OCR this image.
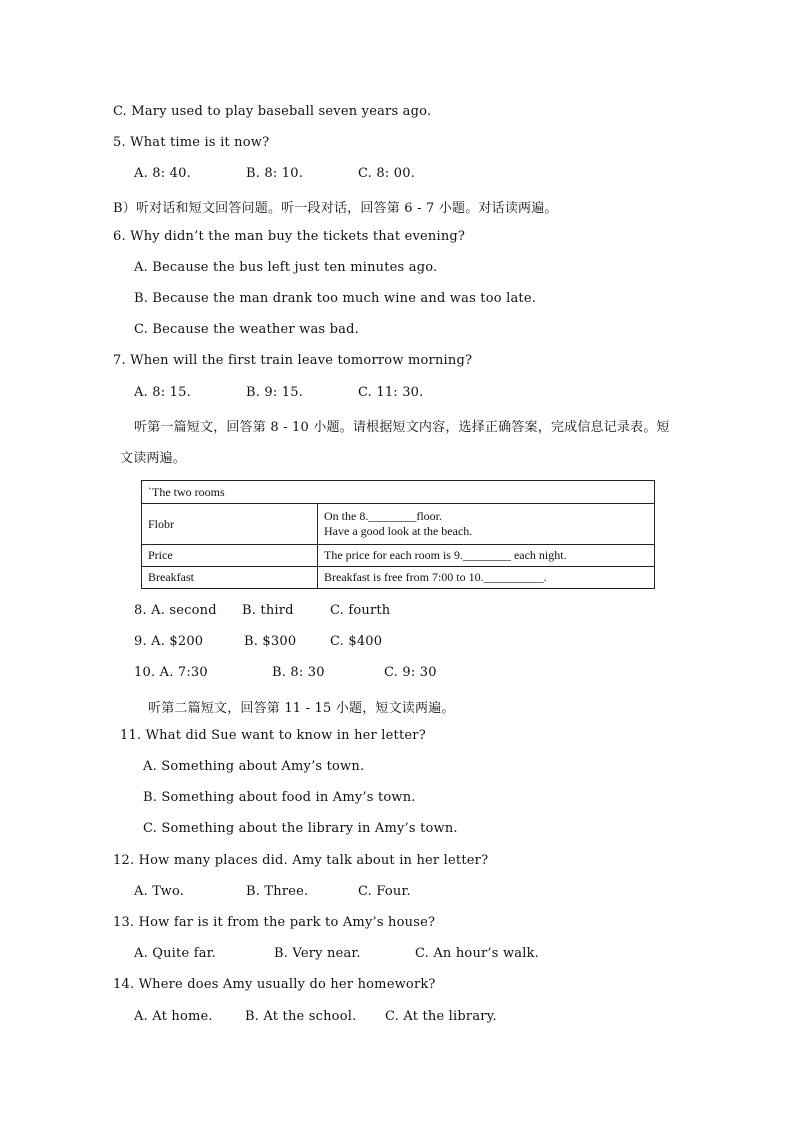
C. Mary used to play baseball seven years ago.
5. What time is it now?
A. 8: 40.	B. 8: 10.	C. 8: 00.
B）听对话和短文回答问题。听一段对话，回答第 6 - 7 小题。对话读两遍。
6. Why didn’t the man buy the tickets that evening?
A. Because the bus left just ten minutes ago.
B. Because the man drank too much wine and was too late.
C. Because the weather was bad.
7. When will the first train leave tomorrow morning?
A. 8: 15.	B. 9: 15.	C. 11: 30.
听第一篇短文，回答第 8 - 10 小题。请根据短文内容，选择正确答案，完成信息记录表。短
文读两遍。
`The two rooms	
Flobr	On the 8.________floor.
Have a good look at the beach.

Price	The price for each room is 9.________ each night.
Breakfast	Breakfast is free from 7:00 to 10.__________.
8. A. second B. third	C. fourth
9. A. $200	B. $300	C. $400
10. A. 7:30	B. 8: 30	C. 9: 30
听第二篇短文，回答第 11 - 15 小题，短文读两遍。
11. What did Sue want to know in her letter?
A. Something about Amy’s town.
B. Something about food in Amy’s town.
C. Something about the library in Amy’s town.
12. How many places did. Amy talk about in her letter?
A. Two.	B. Three.	C. Four.
13. How far is it from the park to Amy’s house?
A. Quite far.	B. Very near.	C. An hour’s walk.
14. Where does Amy usually do her homework?
A. At home. B. At the school. C. At the library.
